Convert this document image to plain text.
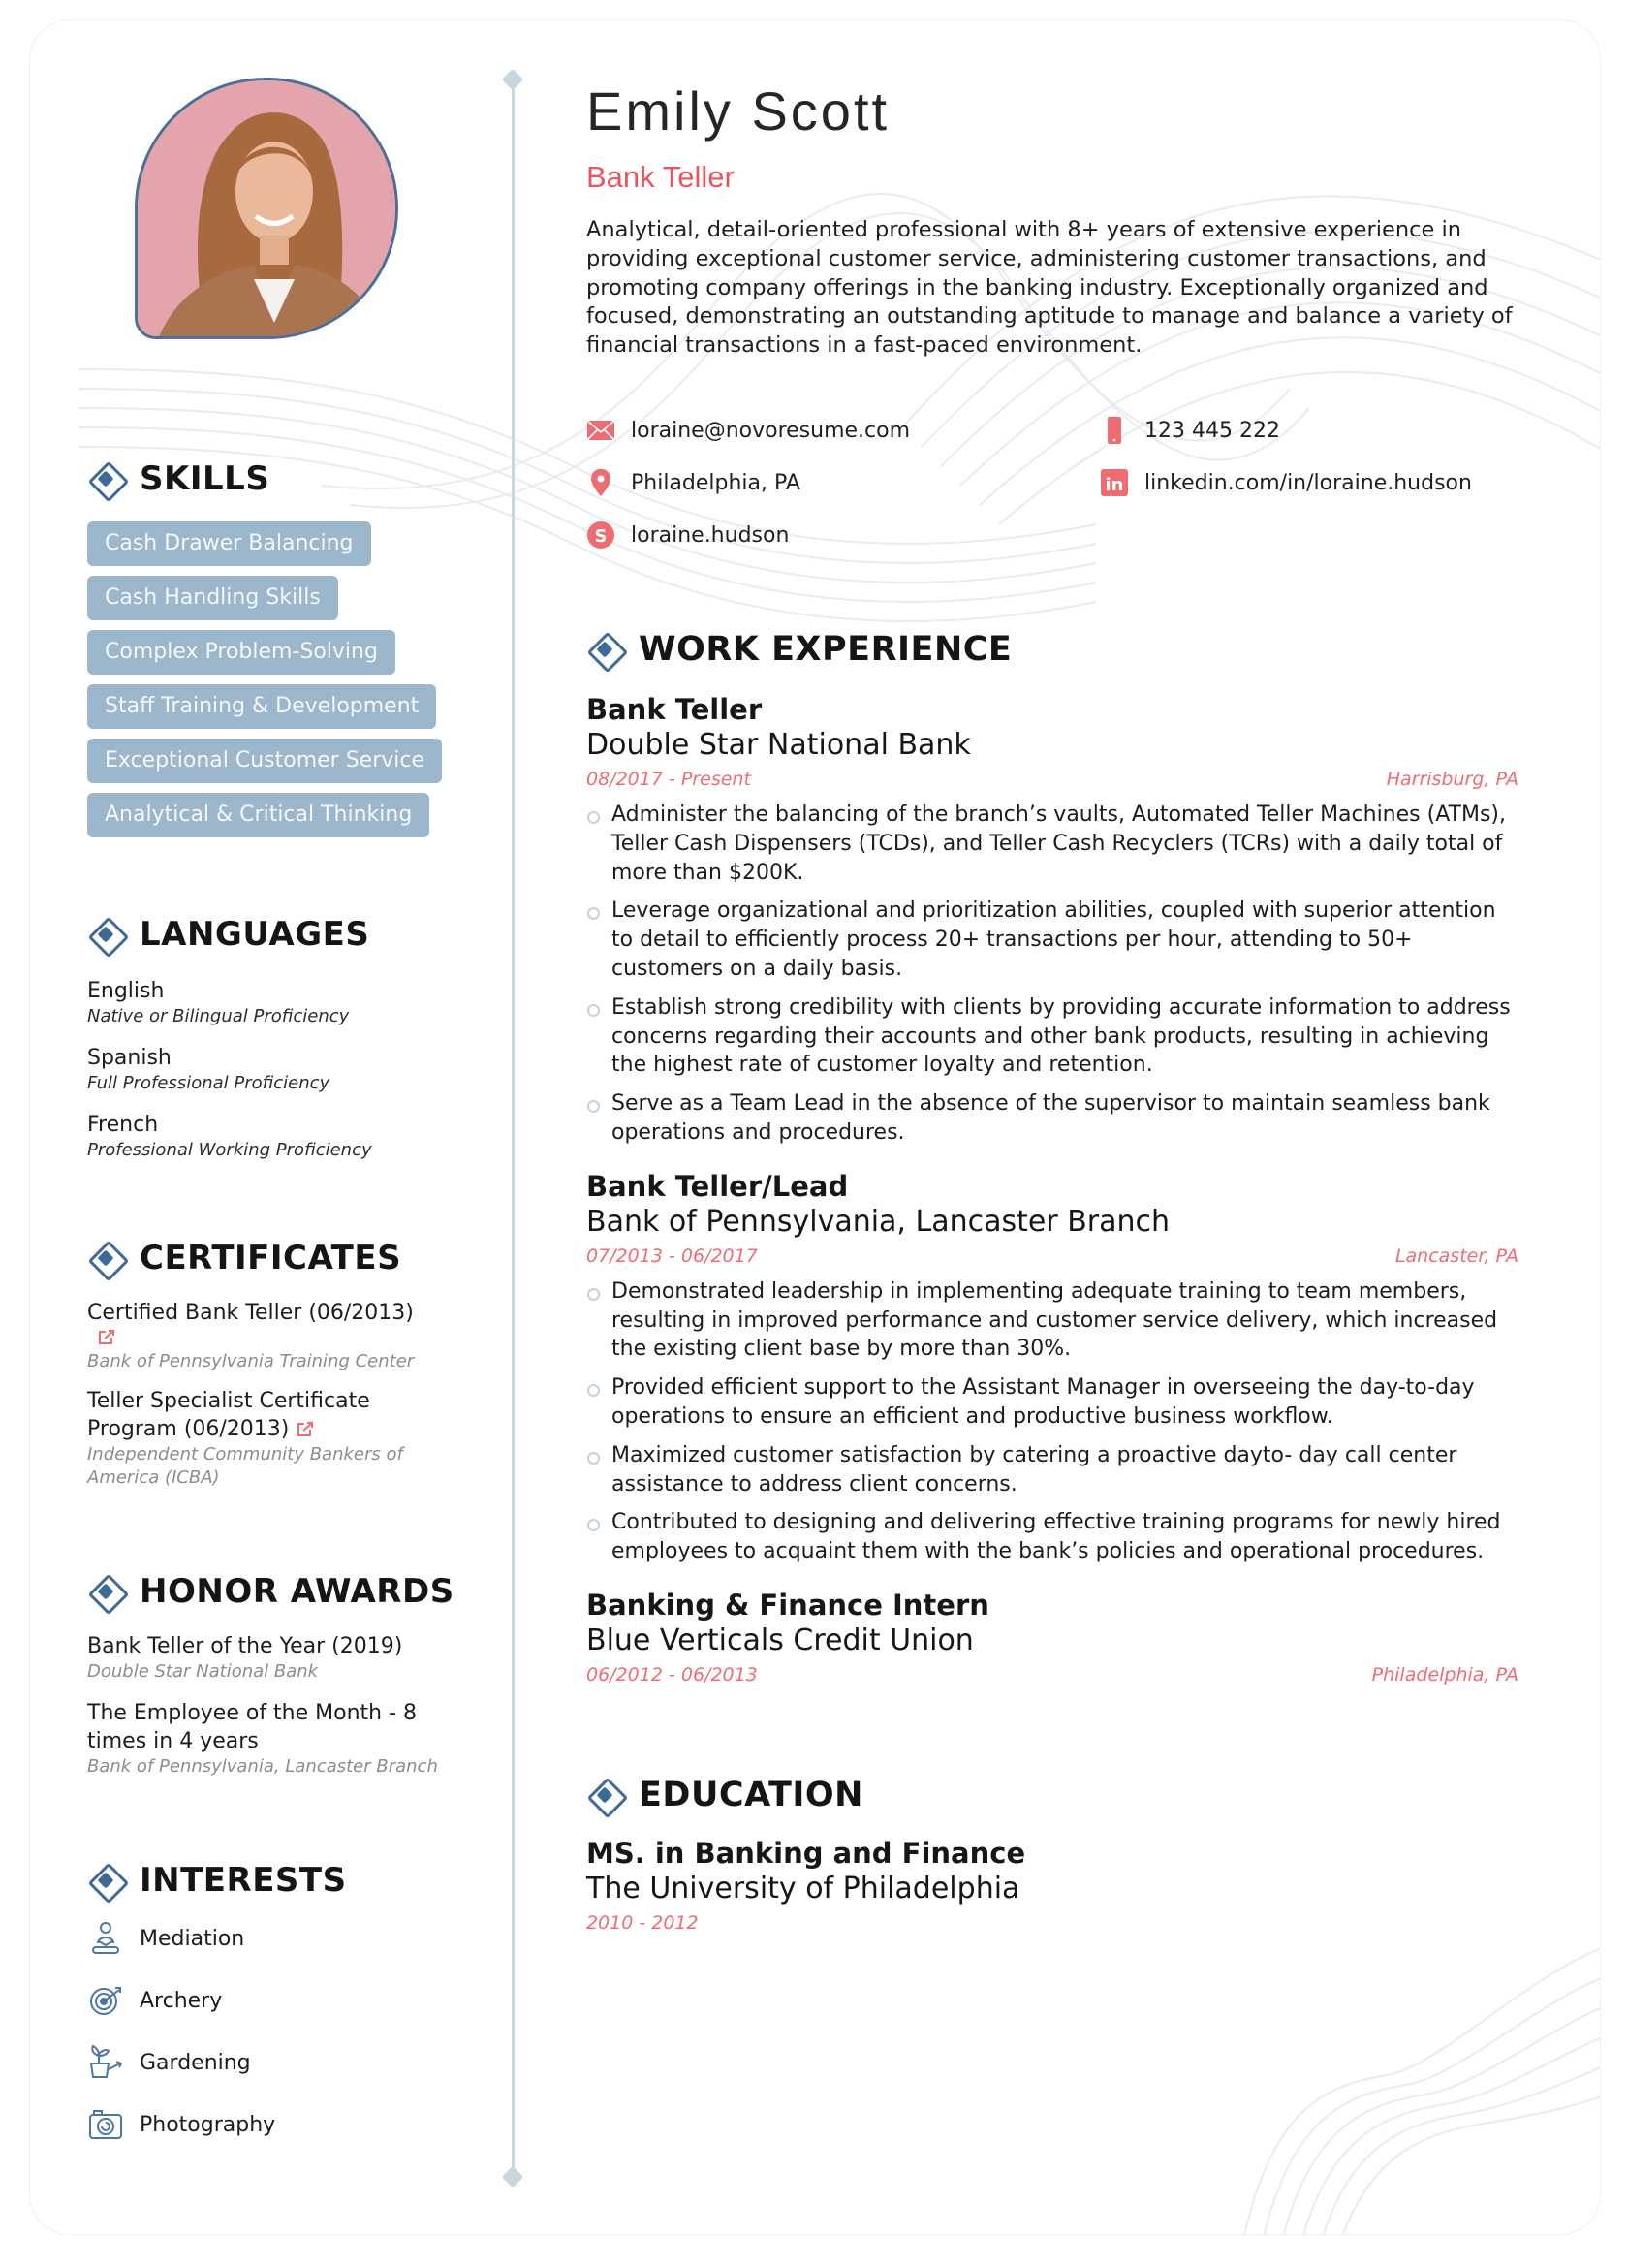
SKILLS
Cash Drawer Balancing
Cash Handling Skills
Complex Problem-Solving
Staff Training & Development
Exceptional Customer Service
Analytical & Critical Thinking
LANGUAGES
English
Native or Bilingual Proficiency
Spanish
Full Professional Proficiency
French
Professional Working Proficiency
CERTIFICATES
Certified Bank Teller (06/2013)
Bank of Pennsylvania Training Center
Teller Specialist Certificate
Program (06/2013)
Independent Community Bankers of America (ICBA)
HONOR AWARDS
Bank Teller of the Year (2019)
Double Star National Bank
The Employee of the Month - 8 times in 4 years
Bank of Pennsylvania, Lancaster Branch
INTERESTS
Mediation
Archery
Gardening
Photography
Emily Scott
Bank Teller

Analytical, detail-oriented professional with 8+ years of extensive experience in providing exceptional customer service, administering customer transactions, and promoting company offerings in the banking industry. Exceptionally organized and focused, demonstrating an outstanding aptitude to manage and balance a variety of financial transactions in a fast-paced environment.

loraine@novoresume.com	123 445 222
Philadelphia, PA	in linkedin.com/in/loraine.hudson
S loraine.hudson
WORK EXPERIENCE
Bank Teller
Double Star National Bank
08/2017 - Present	Harrisburg, PA
Administer the balancing of the branch’s vaults, Automated Teller Machines (ATMs), Teller Cash Dispensers (TCDs), and Teller Cash Recyclers (TCRs) with a daily total of more than $200K.
Leverage organizational and prioritization abilities, coupled with superior attention to detail to efficiently process 20+ transactions per hour, attending to 50+ customers on a daily basis.
Establish strong credibility with clients by providing accurate information to address concerns regarding their accounts and other bank products, resulting in achieving the highest rate of customer loyalty and retention.
Serve as a Team Lead in the absence of the supervisor to maintain seamless bank operations and procedures.
Bank Teller/Lead
Bank of Pennsylvania, Lancaster Branch
07/2013 - 06/2017	Lancaster, PA
Demonstrated leadership in implementing adequate training to team members, resulting in improved performance and customer service delivery, which increased the existing client base by more than 30%.
Provided efficient support to the Assistant Manager in overseeing the day-to-day operations to ensure an efficient and productive business workflow.
Maximized customer satisfaction by catering a proactive dayto- day call center assistance to address client concerns.
Contributed to designing and delivering effective training programs for newly hired employees to acquaint them with the bank’s policies and operational procedures.
Banking & Finance Intern
Blue Verticals Credit Union
06/2012 - 06/2013	Philadelphia, PA
EDUCATION
MS. in Banking and Finance
The University of Philadelphia
2010 - 2012
